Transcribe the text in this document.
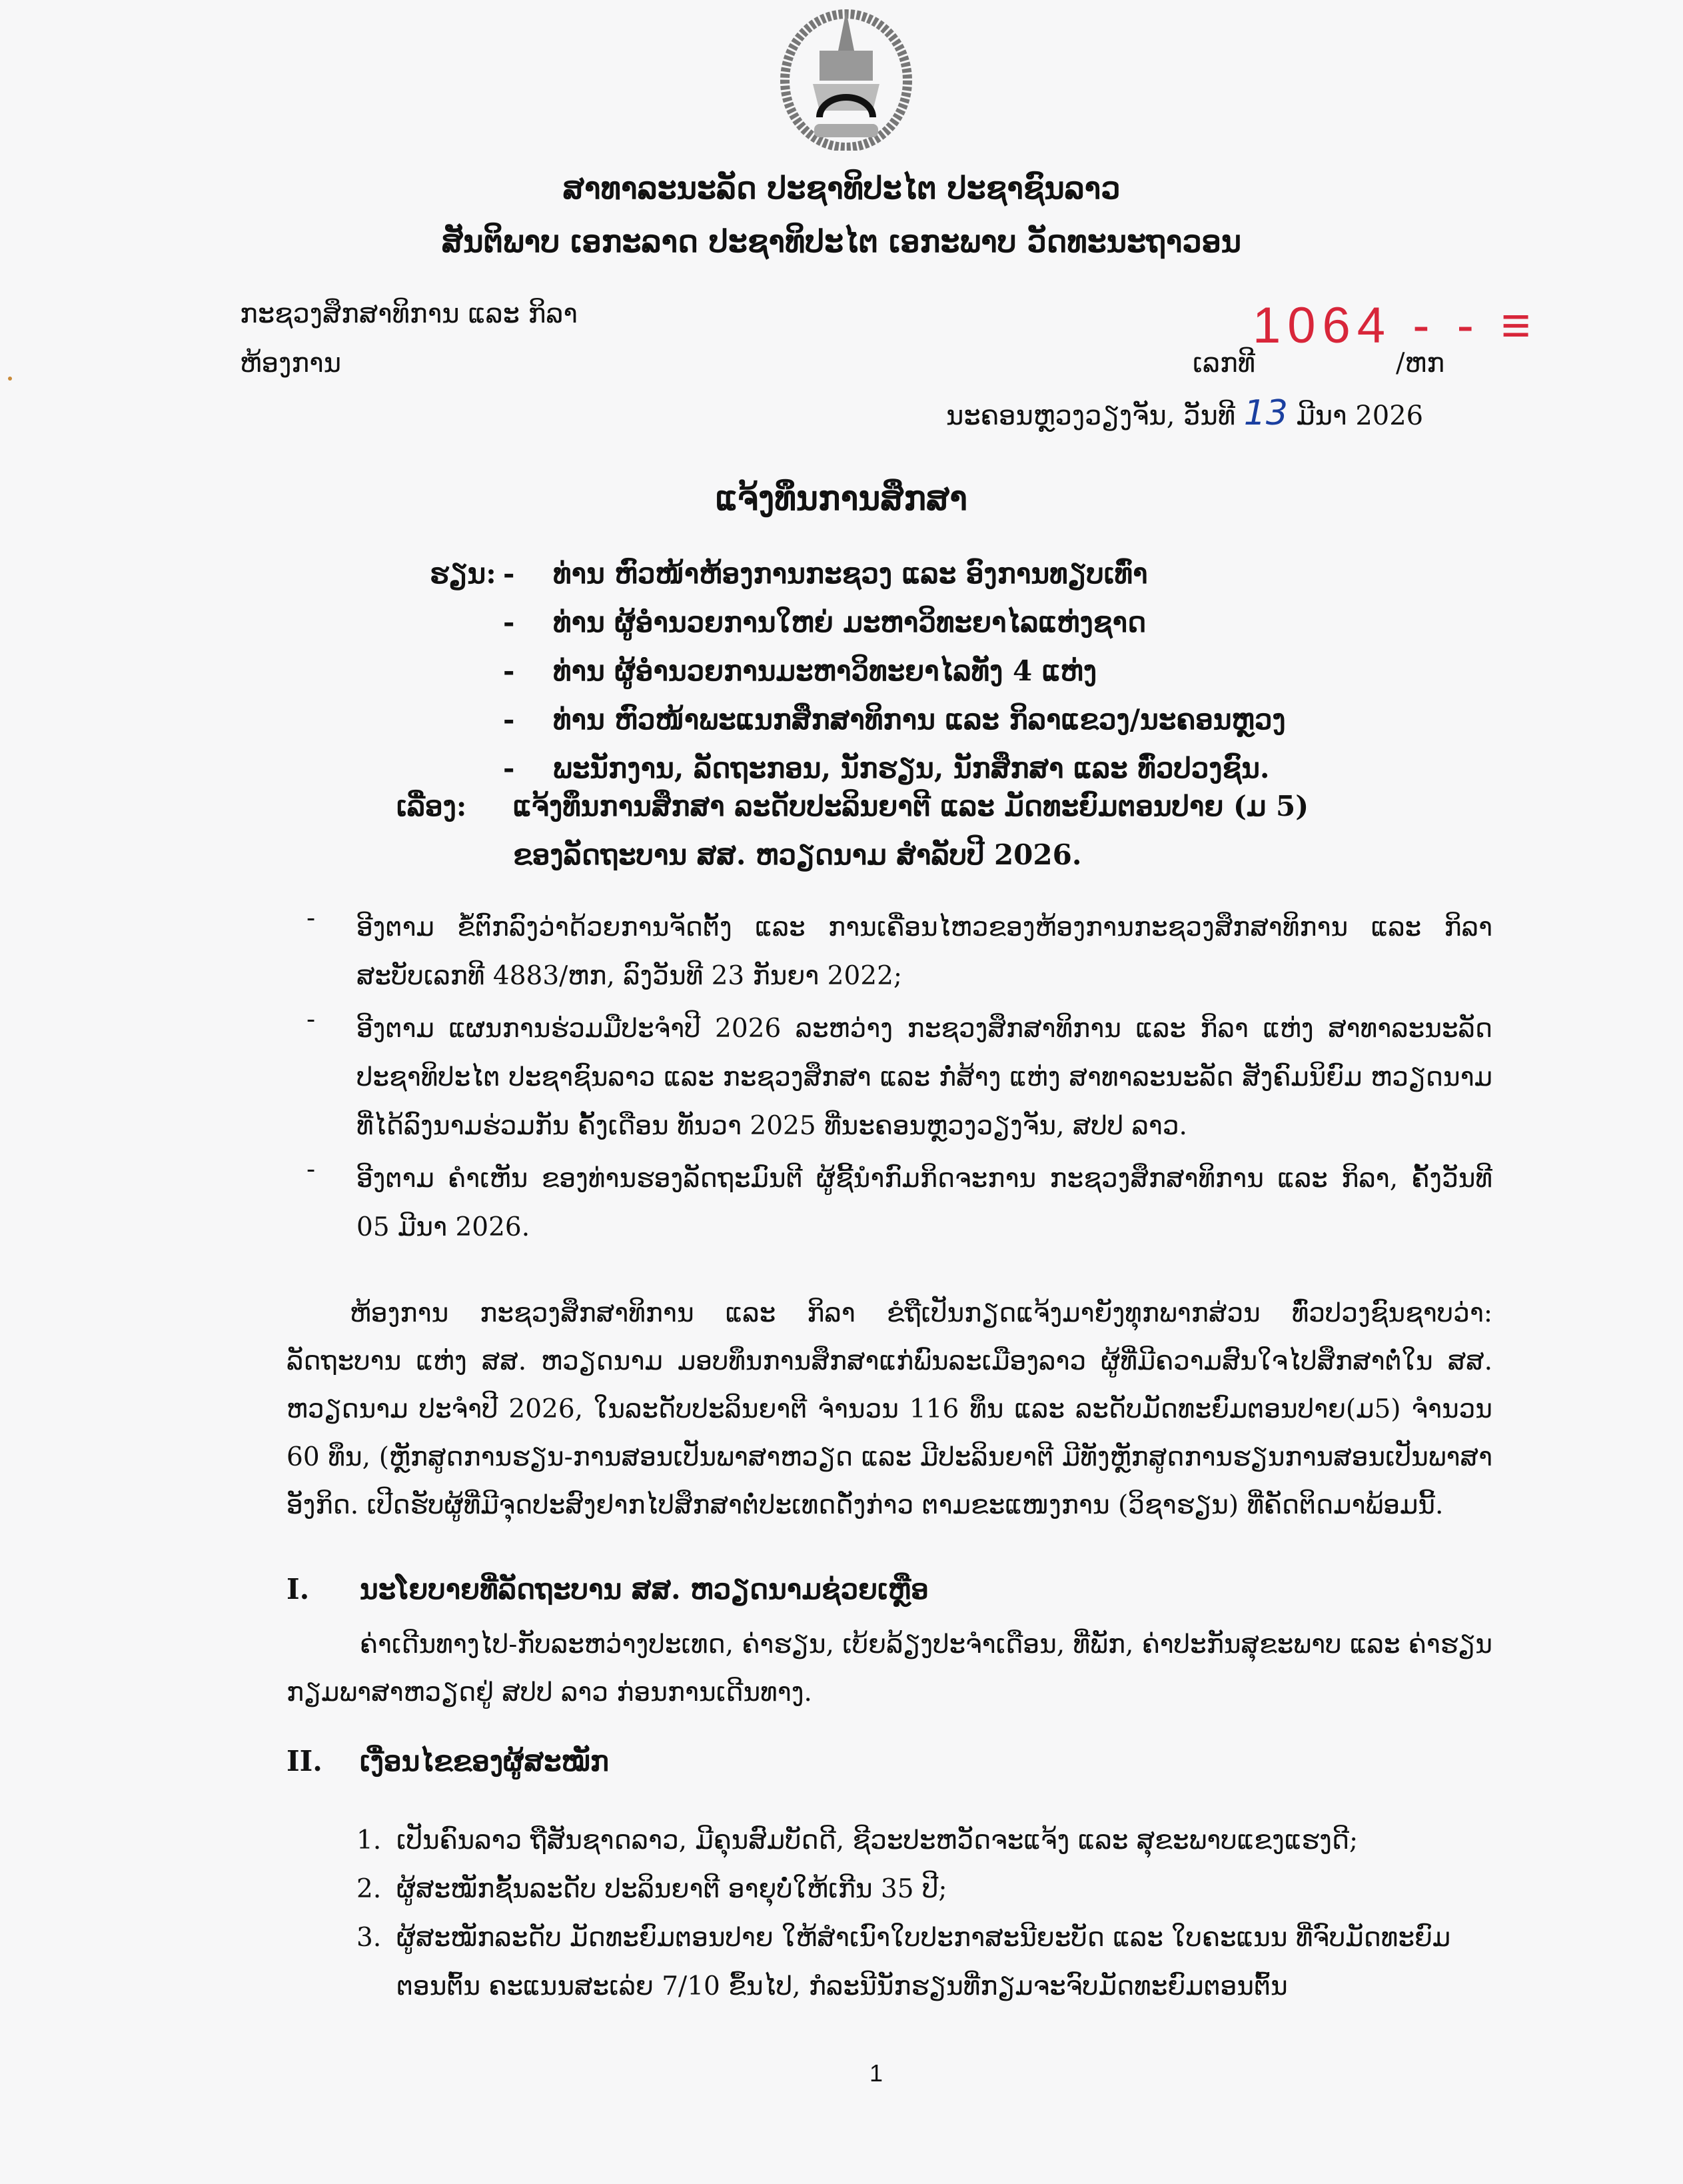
ສາທາລະນະລັດ ປະຊາທິປະໄຕ ປະຊາຊົນລາວ
ສັນຕິພາບ ເອກະລາດ ປະຊາທິປະໄຕ ເອກະພາບ ວັດທະນະຖາວອນ
ກະຊວງສຶກສາທິການ ແລະ ກິລາ
ຫ້ອງການ
1064 - - ≡
ເລກທີ	/ຫກ
ນະຄອນຫຼວງວຽງຈັນ, ວັນທີ 13 ມີນາ 2026
ແຈ້ງທຶນການສຶກສາ
ຮຽນ: -	ທ່ານ ຫົວໜ້າຫ້ອງການກະຊວງ ແລະ ອົງການທຽບເທົ່າ
-	ທ່ານ ຜູ້ອຳນວຍການໃຫຍ່ ມະຫາວິທະຍາໄລແຫ່ງຊາດ
-	ທ່ານ ຜູ້ອຳນວຍການມະຫາວິທະຍາໄລທັງ 4 ແຫ່ງ
-	ທ່ານ ຫົວໜ້າພະແນກສຶກສາທິການ ແລະ ກິລາແຂວງ/ນະຄອນຫຼວງ
-	ພະນັກງານ, ລັດຖະກອນ, ນັກຮຽນ, ນັກສຶກສາ ແລະ ທົ່ວປວງຊົນ.
ເລື່ອງ: ແຈ້ງທຶນການສຶກສາ ລະດັບປະລິນຍາຕີ ແລະ ມັດທະຍົມຕອນປາຍ (ມ 5)
ຂອງລັດຖະບານ ສສ. ຫວຽດນາມ ສຳລັບປີ 2026.
-	ອີງຕາມ ຂໍ້ຕົກລົງວ່າດ້ວຍການຈັດຕັ້ງ ແລະ ການເຄື່ອນໄຫວຂອງຫ້ອງການກະຊວງສຶກສາທິການ ແລະ ກິລາ ສະບັບເລກທີ 4883/ຫກ, ລົງວັນທີ 23 ກັນຍາ 2022;
-	ອີງຕາມ ແຜນການຮ່ວມມືປະຈຳປີ 2026 ລະຫວ່າງ ກະຊວງສຶກສາທິການ ແລະ ກິລາ ແຫ່ງ ສາທາລະນະລັດ ປະຊາທິປະໄຕ ປະຊາຊົນລາວ ແລະ ກະຊວງສຶກສາ ແລະ ກໍ່ສ້າງ ແຫ່ງ ສາທາລະນະລັດ ສັງຄົມນິຍົມ ຫວຽດນາມ ທີ່ໄດ້ລົງນາມຮ່ວມກັນ ຄັ້ງເດືອນ ທັນວາ 2025 ທີ່ນະຄອນຫຼວງວຽງຈັນ, ສປປ ລາວ.
-	ອີງຕາມ ຄຳເຫັນ ຂອງທ່ານຮອງລັດຖະມົນຕີ ຜູ້ຊີ້ນຳກົມກິດຈະການ ກະຊວງສຶກສາທິການ ແລະ ກິລາ, ຄັ້ງວັນທີ 05 ມີນາ 2026.
ຫ້ອງການ ກະຊວງສຶກສາທິການ ແລະ ກິລາ ຂໍຖືເປັນກຽດແຈ້ງມາຍັງທຸກພາກສ່ວນ ທົ່ວປວງຊົນຊາບວ່າ: ລັດຖະບານ ແຫ່ງ ສສ. ຫວຽດນາມ ມອບທຶນການສຶກສາແກ່ພົນລະເມືອງລາວ ຜູ້ທີ່ມີຄວາມສົນໃຈໄປສຶກສາຕໍ່ໃນ ສສ. ຫວຽດນາມ ປະຈຳປີ 2026, ໃນລະດັບປະລິນຍາຕີ ຈຳນວນ 116 ທຶນ ແລະ ລະດັບມັດທະຍົມຕອນປາຍ(ມ5) ຈຳນວນ 60 ທຶນ, (ຫຼັກສູດການຮຽນ-ການສອນເປັນພາສາຫວຽດ ແລະ ມີປະລິນຍາຕີ ມີທັງຫຼັກສູດການຮຽນການສອນເປັນພາສາອັງກິດ. ເປີດຮັບຜູ້ທີ່ມີຈຸດປະສົງຢາກໄປສຶກສາຕໍ່ປະເທດດັ່ງກ່າວ ຕາມຂະແໜງການ (ວິຊາຮຽນ) ທີ່ຄັດຕິດມາພ້ອມນີ້.
I.	ນະໂຍບາຍທີ່ລັດຖະບານ ສສ. ຫວຽດນາມຊ່ວຍເຫຼືອ
ຄ່າເດີນທາງໄປ-ກັບລະຫວ່າງປະເທດ, ຄ່າຮຽນ, ເບ້ຍລ້ຽງປະຈຳເດືອນ, ທີ່ພັກ, ຄ່າປະກັນສຸຂະພາບ ແລະ ຄ່າຮຽນກຽມພາສາຫວຽດຢູ່ ສປປ ລາວ ກ່ອນການເດີນທາງ.
II.	ເງື່ອນໄຂຂອງຜູ້ສະໝັກ
1. ເປັນຄົນລາວ ຖືສັນຊາດລາວ, ມີຄຸນສົມບັດດີ, ຊີວະປະຫວັດຈະແຈ້ງ ແລະ ສຸຂະພາບແຂງແຮງດີ;
2. ຜູ້ສະໝັກຊັ້ນລະດັບ ປະລິນຍາຕີ ອາຍຸບໍ່ໃຫ້ເກີນ 35 ປີ;
3. ຜູ້ສະໝັກລະດັບ ມັດທະຍົມຕອນປາຍ ໃຫ້ສຳເນົາໃບປະກາສະນີຍະບັດ ແລະ ໃບຄະແນນ ທີ່ຈົບມັດທະຍົມຕອນຕົ້ນ ຄະແນນສະເລ່ຍ 7/10 ຂຶ້ນໄປ, ກໍລະນີນັກຮຽນທີ່ກຽມຈະຈົບມັດທະຍົມຕອນຕົ້ນ
1
